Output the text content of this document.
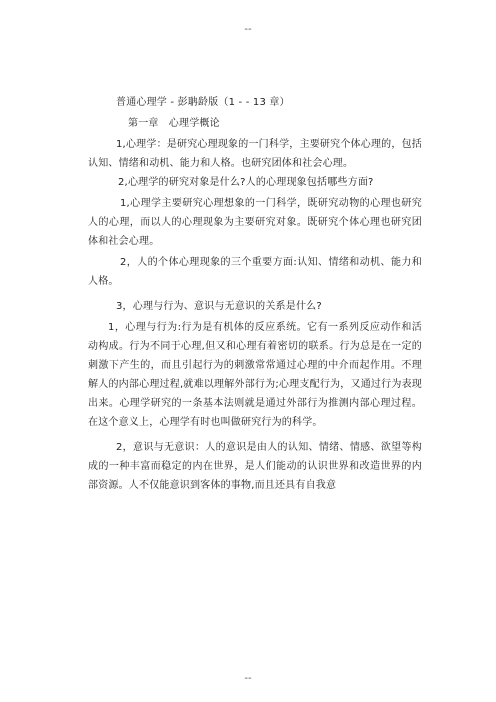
--

普通心理学 - 彭聃龄版（1 - - 13 章）

第一章　心理学概论

1,心理学：是研究心理现象的一门科学，主要研究个体心理的，包括认知、情绪和动机、能力和人格。也研究团体和社会心理。

2,心理学的研究对象是什么?人的心理现象包括哪些方面?

1,心理学主要研究心理想象的一门科学，既研究动物的心理也研究人的心理，而以人的心理现象为主要研究对象。既研究个体心理也研究团体和社会心理。

2，人的个体心理现象的三个重要方面:认知、情绪和动机、能力和人格。

3，心理与行为、意识与无意识的关系是什么?

1，心理与行为:行为是有机体的反应系统。它有一系列反应动作和活动构成。行为不同于心理,但又和心理有着密切的联系。行为总是在一定的刺激下产生的，而且引起行为的刺激常常通过心理的中介而起作用。不理解人的内部心理过程,就难以理解外部行为;心理支配行为，又通过行为表现出来。心理学研究的一条基本法则就是通过外部行为推测内部心理过程。在这个意义上，心理学有时也叫做研究行为的科学。

2，意识与无意识：人的意识是由人的认知、情绪、情感、欲望等构成的一种丰富而稳定的内在世界，是人们能动的认识世界和改造世界的内部资源。人不仅能意识到客体的事物,而且还具有自我意

--
